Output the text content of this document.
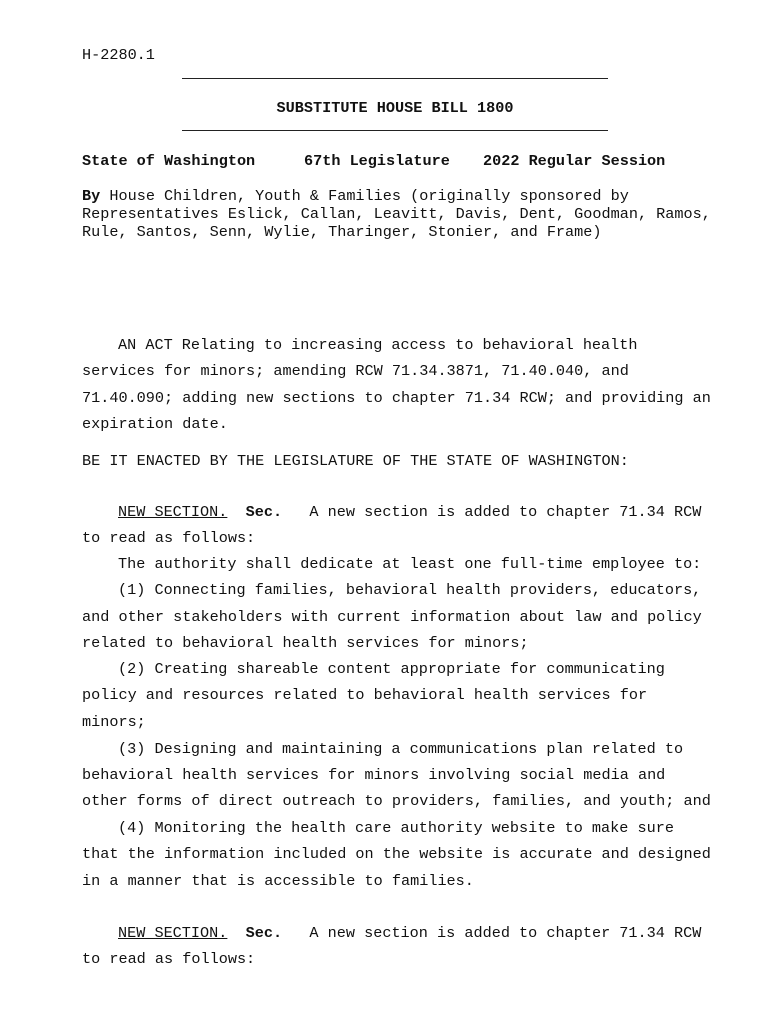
H-2280.1
SUBSTITUTE HOUSE BILL 1800
State of Washington	67th Legislature 2022 Regular Session
By House Children, Youth & Families (originally sponsored by
Representatives Eslick, Callan, Leavitt, Davis, Dent, Goodman, Ramos,
Rule, Santos, Senn, Wylie, Tharinger, Stonier, and Frame)
AN ACT Relating to increasing access to behavioral health
services for minors; amending RCW 71.34.3871, 71.40.040, and
71.40.090; adding new sections to chapter 71.34 RCW; and providing an
expiration date.
BE IT ENACTED BY THE LEGISLATURE OF THE STATE OF WASHINGTON:
NEW SECTION. Sec. A new section is added to chapter 71.34 RCW
to read as follows:
The authority shall dedicate at least one full-time employee to:
(1) Connecting families, behavioral health providers, educators,
and other stakeholders with current information about law and policy
related to behavioral health services for minors;
(2) Creating shareable content appropriate for communicating
policy and resources related to behavioral health services for
minors;
(3) Designing and maintaining a communications plan related to
behavioral health services for minors involving social media and
other forms of direct outreach to providers, families, and youth; and
(4) Monitoring the health care authority website to make sure
that the information included on the website is accurate and designed
in a manner that is accessible to families.
NEW SECTION. Sec. A new section is added to chapter 71.34 RCW
to read as follows:
